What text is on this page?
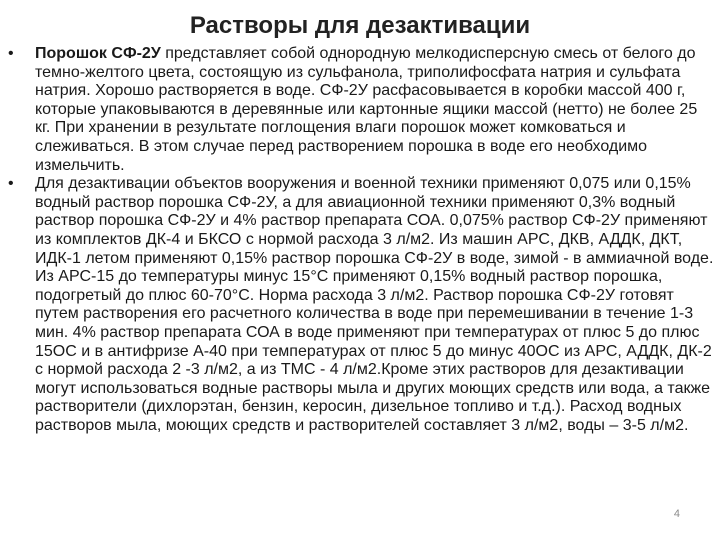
Растворы для дезактивации
•	Порошок СФ-2У представляет собой однородную мелкодисперсную смесь от белого до темно-желтого цвета, состоящую из сульфанола, триполифосфата натрия и сульфата натрия. Хорошо растворяется в воде. СФ-2У расфасовывается в коробки массой 400 г, которые упаковываются в деревянные или картонные ящики массой (нетто) не более 25 кг. При хранении в результате поглощения влаги порошок может комковаться и слеживаться. В этом случае перед растворением порошка в воде его необходимо измельчить.
•	Для дезактивации объектов вооружения и военной техники применяют 0,075 или 0,15% водный раствор порошка СФ-2У, а для авиационной техники применяют 0,3% водный раствор порошка СФ-2У и 4% раствор препарата СОА. 0,075% раствор СФ-2У применяют из комплектов ДК-4 и БКСО с нормой расхода 3 л/м2. Из машин АРС, ДКВ, АДДК, ДКТ, ИДК-1 летом применяют 0,15% раствор порошка СФ-2У в воде, зимой - в аммиачной воде. Из АРС-15 до температуры минус 15°С применяют 0,15% водный раствор порошка, подогретый до плюс 60-70°С. Норма расхода 3 л/м2. Раствор порошка СФ-2У готовят путем растворения его расчетного количества в воде при перемешивании в течение 1-3 мин. 4% раствор препарата СОА в воде применяют при температурах от плюс 5 до плюс 15ОС и в антифризе А-40 при температурах от плюс 5 до минус 40ОС из АРС, АДДК, ДК-2 с нормой расхода 2 -3 л/м2, а из ТМС - 4 л/м2.Кроме этих растворов для дезактивации могут использоваться водные растворы мыла и других моющих средств или вода, а также растворители (дихлорэтан, бензин, керосин, дизельное топливо и т.д.). Расход водных растворов мыла, моющих средств и растворителей составляет 3 л/м2, воды – 3-5 л/м2.
4
